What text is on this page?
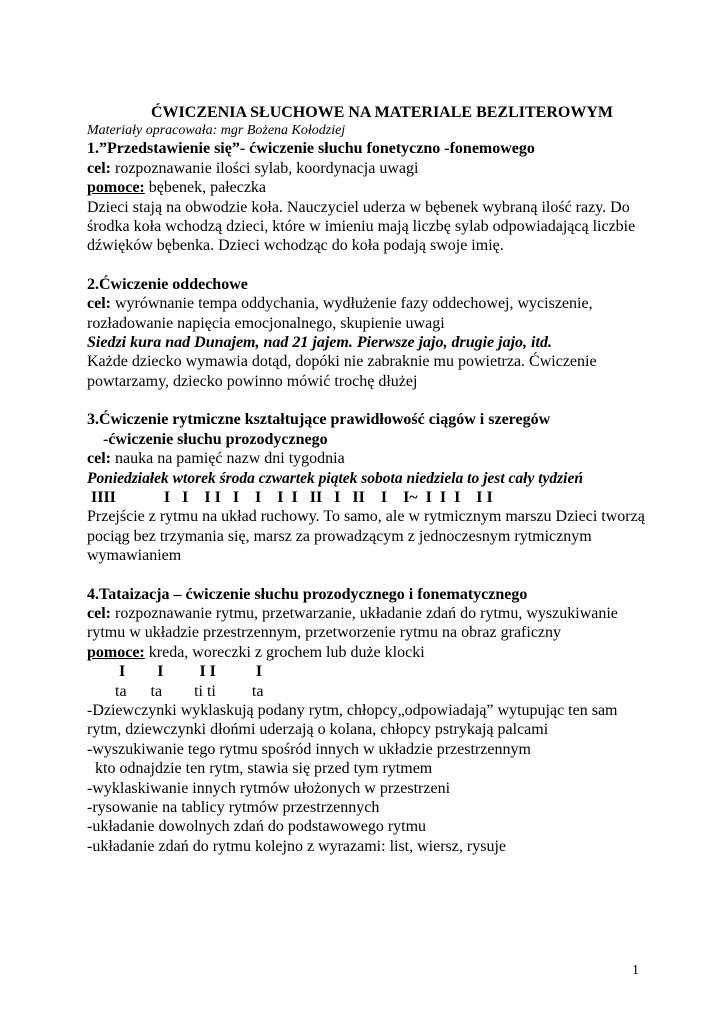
ĆWICZENIA SŁUCHOWE NA MATERIALE BEZLITEROWYM
Materiały opracowała: mgr Bożena Kołodziej
1.”Przedstawienie się”- ćwiczenie słuchu fonetyczno -fonemowego
cel: rozpoznawanie ilości sylab, koordynacja uwagi
pomoce: bębenek, pałeczka
Dzieci stają na obwodzie koła. Nauczyciel uderza w bębenek wybraną ilość razy. Do środka koła wchodzą dzieci, które w imieniu mają liczbę sylab odpowiadającą liczbie dźwięków bębenka. Dzieci wchodząc do koła podają swoje imię.
2.Ćwiczenie oddechowe
cel: wyrównanie tempa oddychania, wydłużenie fazy oddechowej, wyciszenie, rozładowanie napięcia emocjonalnego, skupienie uwagi
Siedzi kura nad Dunajem, nad 21 jajem. Pierwsze jajo, drugie jajo, itd.
Każde dziecko wymawia dotąd, dopóki nie zabraknie mu powietrza. Ćwiczenie powtarzamy, dziecko powinno mówić trochę dłużej
3.Ćwiczenie rytmiczne kształtujące prawidłowość ciągów i szeregów
-ćwiczenie słuchu prozodycznego
cel: nauka na pamięć nazw dni tygodnia
Poniedziałek wtorek środa czwartek piątek sobota niedziela to jest cały tydzień
IIII            I   I    I I   I    I    I  I   II   I   II    I    I~  I  I  I    I I
Przejście z rytmu na układ ruchowy. To samo, ale w rytmicznym marszu Dzieci tworzą pociąg bez trzymania się, marsz za prowadzącym z jednoczesnym rytmicznym wymawianiem
4.Tataizacja – ćwiczenie słuchu prozodycznego i fonematycznego
cel: rozpoznawanie rytmu, przetwarzanie, układanie zdań do rytmu, wyszukiwanie rytmu w układzie przestrzennym, przetworzenie rytmu na obraz graficzny
pomoce: kreda, woreczki z grochem lub duże klocki
I        I         I I          I
ta      ta        ti ti         ta
-Dziewczynki wyklaskują podany rytm, chłopcy„odpowiadają” wytupując ten sam rytm, dziewczynki dłońmi uderzają o kolana, chłopcy pstrykają palcami
-wyszukiwanie tego rytmu spośród innych w układzie przestrzennym
kto odnajdzie ten rytm, stawia się przed tym rytmem
-wyklaskiwanie innych rytmów ułożonych w przestrzeni
-rysowanie na tablicy rytmów przestrzennych
-układanie dowolnych zdań do podstawowego rytmu
-układanie zdań do rytmu kolejno z wyrazami: list, wiersz, rysuje
1
